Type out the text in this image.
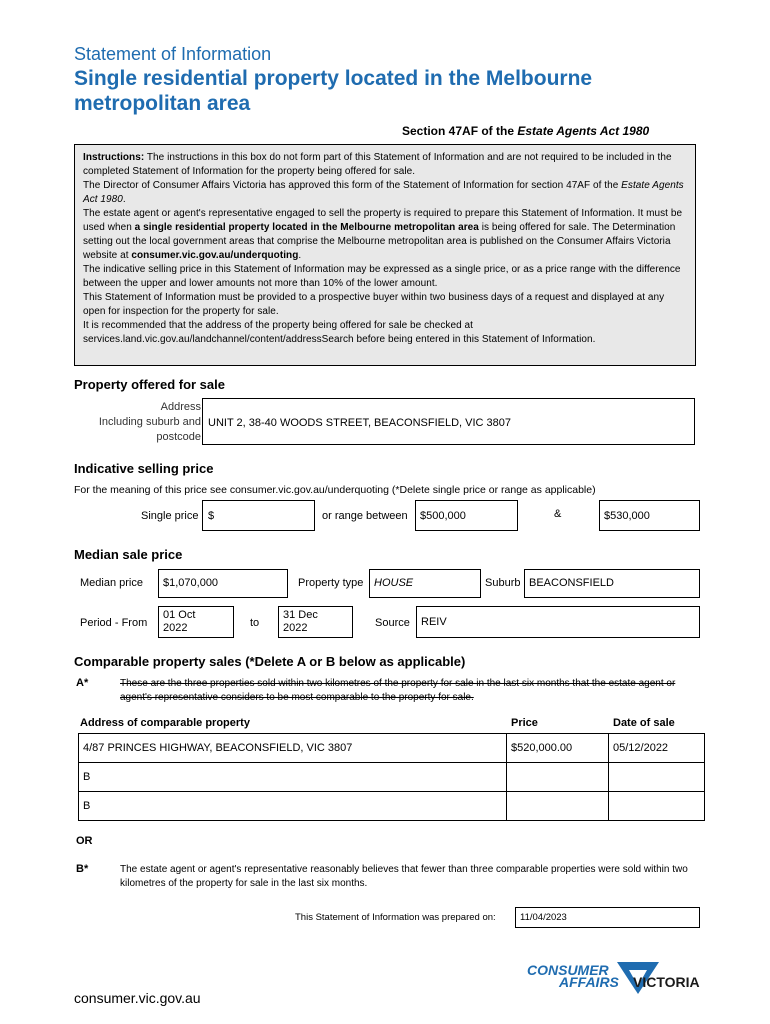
Statement of Information
Single residential property located in the Melbourne metropolitan area
Section 47AF of the Estate Agents Act 1980

Instructions: The instructions in this box do not form part of this Statement of Information and are not required to be included in the completed Statement of Information for the property being offered for sale.

The Director of Consumer Affairs Victoria has approved this form of the Statement of Information for section 47AF of the Estate Agents Act 1980.

The estate agent or agent's representative engaged to sell the property is required to prepare this Statement of Information. It must be used when a single residential property located in the Melbourne metropolitan area is being offered for sale. The Determination setting out the local government areas that comprise the Melbourne metropolitan area is published on the Consumer Affairs Victoria website at consumer.vic.gov.au/underquoting.

The indicative selling price in this Statement of Information may be expressed as a single price, or as a price range with the difference between the upper and lower amounts not more than 10% of the lower amount.

This Statement of Information must be provided to a prospective buyer within two business days of a request and displayed at any open for inspection for the property for sale.

It is recommended that the address of the property being offered for sale be checked at services.land.vic.gov.au/landchannel/content/addressSearch before being entered in this Statement of Information.

Property offered for sale
Address
Including suburb and
postcode
UNIT 2, 38-40 WOODS STREET, BEACONSFIELD, VIC 3807
Indicative selling price
For the meaning of this price see consumer.vic.gov.au/underquoting (*Delete single price or range as applicable)
Single price $	or range between	$500,000	&	$530,000
Median sale price
Median price	$1,070,000	Property type HOUSE	Suburb BEACONSFIELD
Period - From
01 Oct
2022	to
31 Dec
2022	Source	REIV
Comparable property sales (*Delete A or B below as applicable)
A*	These are the three properties sold within two kilometres of the property for sale in the last six months that the estate agent or agent's representative considers to be most comparable to the property for sale.
Address of comparable property	Price	Date of sale
4/87 PRINCES HIGHWAY, BEACONSFIELD, VIC 3807	$520,000.00	05/12/2022
B		
B		
OR
B*	The estate agent or agent's representative reasonably believes that fewer than three comparable properties were sold within two kilometres of the property for sale in the last six months.
This Statement of Information was prepared on:	11/04/2023
CONSUMER
AFFAIRS VICTORIA
consumer.vic.gov.au
